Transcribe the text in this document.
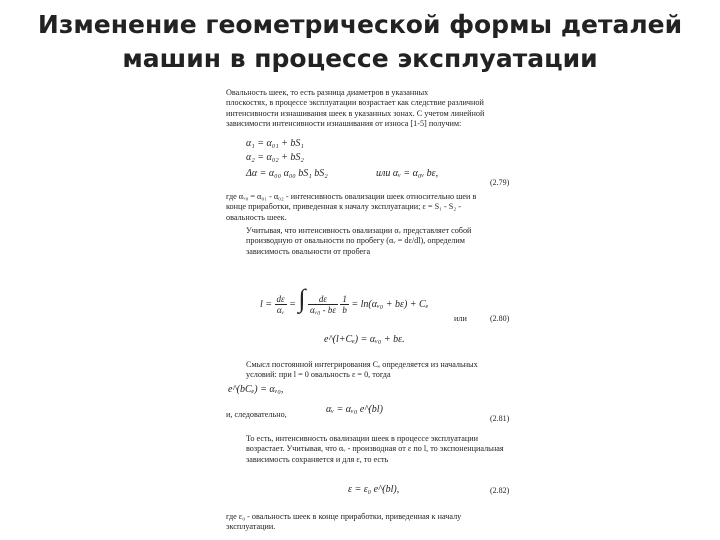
Изменение геометрической формы деталей
машин в процессе эксплуатации
Овальность шеек, то есть разница диаметров в указанных
плоскостях, в процессе эксплуатации возрастает как следствие различной
интенсивности изнашивания шеек в указанных зонах. С учетом линейной
зависимости интенсивности изнашивания от износа [1-5] получим:
α₁ = α₀₁ + bS₁
α₂ = α₀₂ + bS₂
Δα = α₀₀ α₀₀ bS₁ bS₂	или αᵥ = α₀ᵥ bε,
(2.79)
где αᵥ₀ = α₀₁ - α₀₂ - интенсивность овализации шеек относительно шеи в
конце приработки, приведенная к началу эксплуатации; ε = S₁ - S₂ -
овальность шеек.
Учитывая, что интенсивность овализации αᵥ представляет собой
производную от овальности по пробегу (αᵥ = dε/dl), определим
зависимость овальности от пробега
$l = \frac{d\varepsilon}{\text{αᵥ}}$ = ∫ $\frac{d\varepsilon}{\text{αᵥ₀ - bε}}$
$\frac{1}{b}$ = ln(αᵥ₀ + bε) + Cₑ
или	(2.80)
e^(l+Cₑ) = αᵥ₀ + bε.
Смысл постоянной интегрирования Cₑ определяется из начальных
условий: при l = 0 овальность ε = 0, тогда
e^(bCₑ) = αᵥ₀,
и, следовательно,	αᵥ = αᵥ₀ e^(bl)
(2.81)
То есть, интенсивность овализации шеек в процессе эксплуатации
возрастает. Учитывая, что αᵥ - производная от ε по l, то экспоненциальная
зависимость сохраняется и для ε, то есть
ε = ε₀ e^(bl),	(2.82)
где ε₀ - овальность шеек в конце приработки, приведенная к началу
эксплуатации.
